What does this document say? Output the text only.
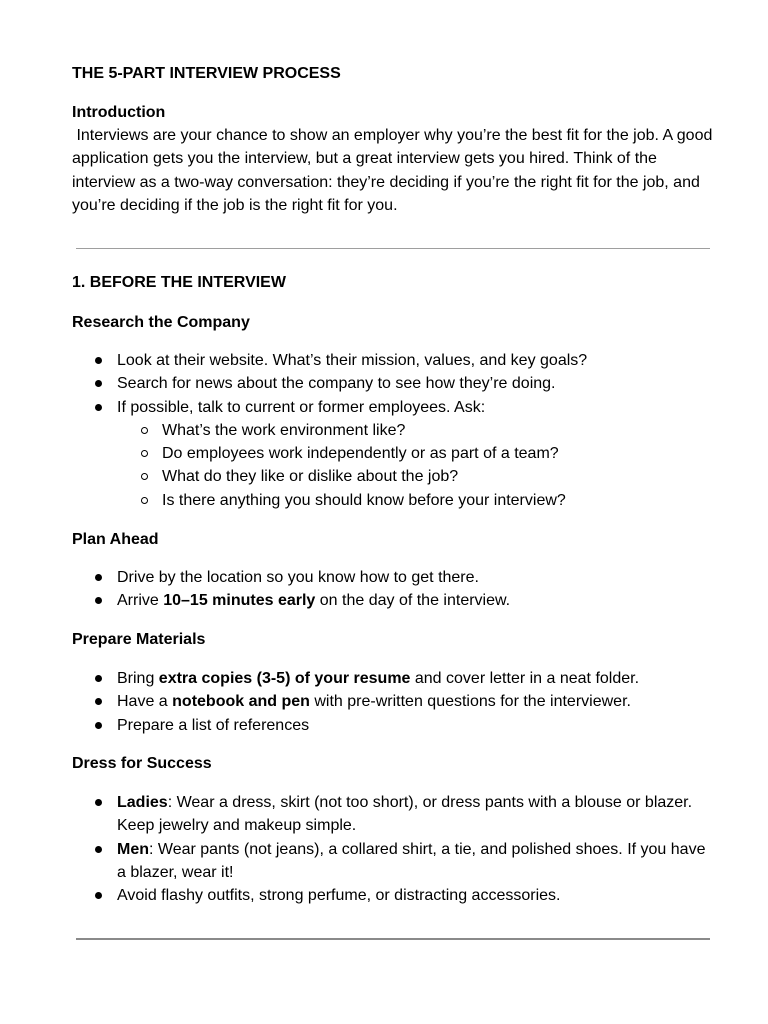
THE 5-PART INTERVIEW PROCESS
Introduction
Interviews are your chance to show an employer why you’re the best fit for the job. A good application gets you the interview, but a great interview gets you hired. Think of the interview as a two-way conversation: they’re deciding if you’re the right fit for the job, and you’re deciding if the job is the right fit for you.
1. BEFORE THE INTERVIEW
Research the Company
Look at their website. What’s their mission, values, and key goals?
Search for news about the company to see how they’re doing.
If possible, talk to current or former employees. Ask:
What’s the work environment like?
Do employees work independently or as part of a team?
What do they like or dislike about the job?
Is there anything you should know before your interview?
Plan Ahead
Drive by the location so you know how to get there.
Arrive 10–15 minutes early on the day of the interview.
Prepare Materials
Bring extra copies (3-5) of your resume and cover letter in a neat folder.
Have a notebook and pen with pre-written questions for the interviewer.
Prepare a list of references
Dress for Success
Ladies: Wear a dress, skirt (not too short), or dress pants with a blouse or blazer. Keep jewelry and makeup simple.
Men: Wear pants (not jeans), a collared shirt, a tie, and polished shoes. If you have a blazer, wear it!
Avoid flashy outfits, strong perfume, or distracting accessories.
